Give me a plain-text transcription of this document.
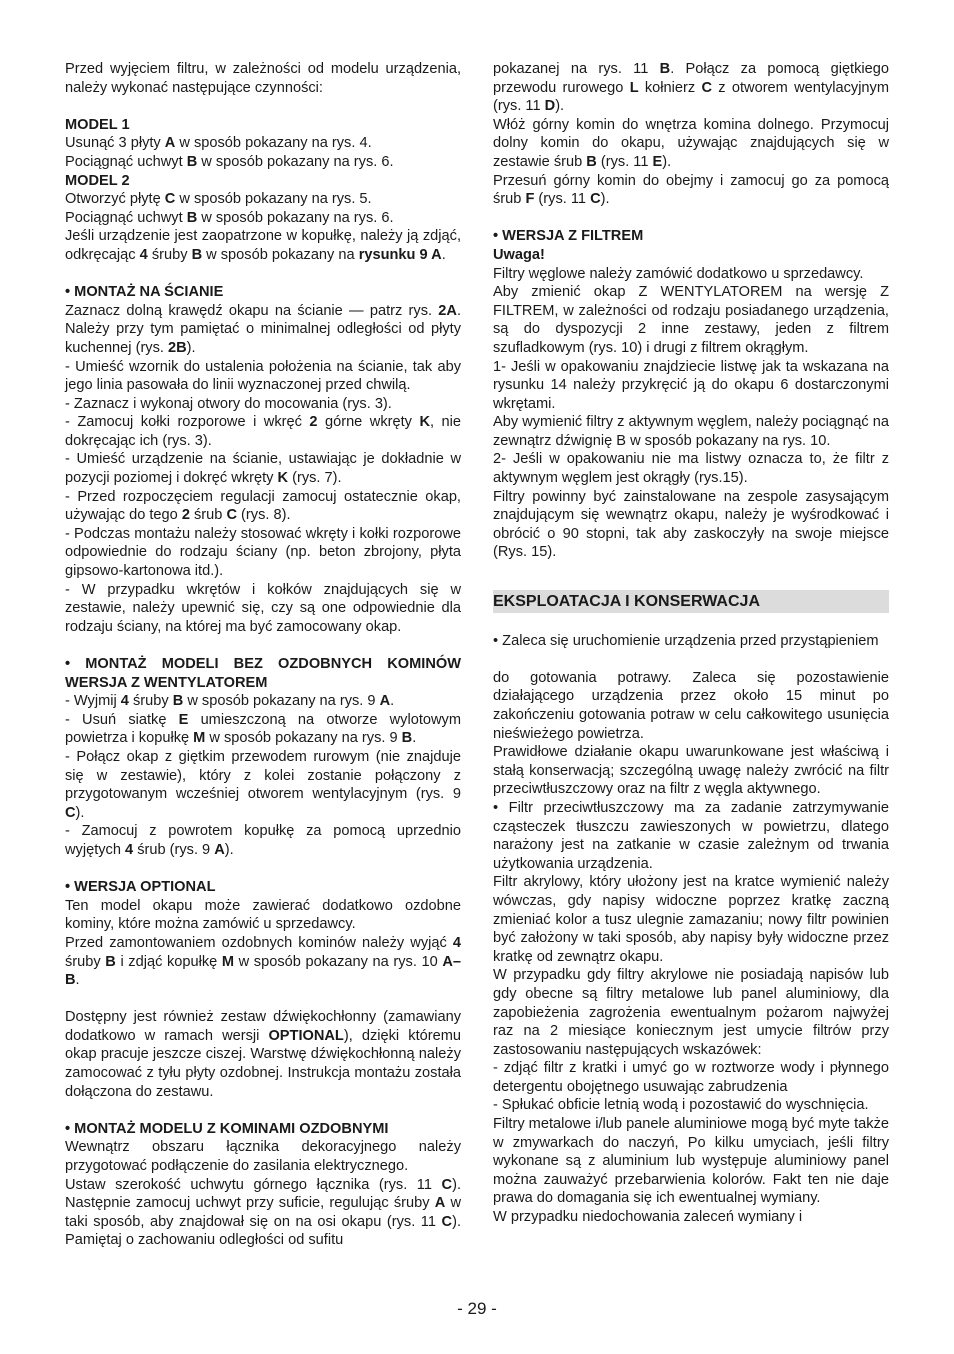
Przed wyjęciem filtru, w zależności od modelu urządzenia, należy wykonać następujące czynności:

MODEL 1

Usunąć 3 płyty A w sposób pokazany na rys. 4.

Pociągnąć uchwyt B w sposób pokazany na rys. 6.

MODEL 2

Otworzyć płytę C w sposób pokazany na rys. 5.

Pociągnąć uchwyt B w sposób pokazany na rys. 6.

Jeśli urządzenie jest zaopatrzone w kopułkę, należy ją zdjąć, odkręcając 4 śruby B w sposób pokazany na rysunku 9 A.

• MONTAŻ NA ŚCIANIE

Zaznacz dolną krawędź okapu na ścianie — patrz rys. 2A. Należy przy tym pamiętać o minimalnej odległości od płyty kuchennej (rys. 2B).

- Umieść wzornik do ustalenia położenia na ścianie, tak aby jego linia pasowała do linii wyznaczonej przed chwilą.

- Zaznacz i wykonaj otwory do mocowania (rys. 3).

- Zamocuj kołki rozporowe i wkręć 2 górne wkręty K, nie dokręcając ich (rys. 3).

- Umieść urządzenie na ścianie, ustawiając je dokładnie w pozycji poziomej i dokręć wkręty K (rys. 7).

- Przed rozpoczęciem regulacji zamocuj ostatecznie okap, używając do tego 2 śrub C (rys. 8).

- Podczas montażu należy stosować wkręty i kołki rozporowe odpowiednie do rodzaju ściany (np. beton zbrojony, płyta gipsowo-kartonowa itd.).

- W przypadku wkrętów i kołków znajdujących się w zestawie, należy upewnić się, czy są one odpowiednie dla rodzaju ściany, na której ma być zamocowany okap.

• MONTAŻ MODELI BEZ OZDOBNYCH KOMINÓW WERSJA Z WENTYLATOREM

- Wyjmij 4 śruby B w sposób pokazany na rys. 9 A.

- Usuń siatkę E umieszczoną na otworze wylotowym powietrza i kopułkę M w sposób pokazany na rys. 9 B.

- Połącz okap z giętkim przewodem rurowym (nie znajduje się w zestawie), który z kolei zostanie połączony z przygotowanym wcześniej otworem wentylacyjnym (rys. 9 C).

- Zamocuj z powrotem kopułkę za pomocą uprzednio wyjętych 4 śrub (rys. 9 A).

• WERSJA OPTIONAL

Ten model okapu może zawierać dodatkowo ozdobne kominy, które można zamówić u sprzedawcy.

Przed zamontowaniem ozdobnych kominów należy wyjąć 4 śruby B i zdjąć kopułkę M w sposób pokazany na rys. 10 A–B.

Dostępny jest również zestaw dźwiękochłonny (zamawiany dodatkowo w ramach wersji OPTIONAL), dzięki któremu okap pracuje jeszcze ciszej. Warstwę dźwiękochłonną należy zamocować z tyłu płyty ozdobnej. Instrukcja montażu została dołączona do zestawu.

• MONTAŻ MODELU Z KOMINAMI OZDOBNYMI

Wewnątrz obszaru łącznika dekoracyjnego należy przygotować podłączenie do zasilania elektrycznego.

Ustaw szerokość uchwytu górnego łącznika (rys. 11 C). Następnie zamocuj uchwyt przy suficie, regulując śruby A w taki sposób, aby znajdował się on na osi okapu (rys. 11 C). Pamiętaj o zachowaniu odległości od sufitu

pokazanej na rys. 11 B. Połącz za pomocą giętkiego przewodu rurowego L kołnierz C z otworem wentylacyjnym (rys. 11 D).

Włóż górny komin do wnętrza komina dolnego. Przymocuj dolny komin do okapu, używając znajdujących się w zestawie śrub B (rys. 11 E).

Przesuń górny komin do obejmy i zamocuj go za pomocą śrub F (rys. 11 C).

• WERSJA Z FILTREM

Uwaga!

Filtry węglowe należy zamówić dodatkowo u sprzedawcy.

Aby zmienić okap Z WENTYLATOREM na wersję Z FILTREM, w zależności od rodzaju posiadanego urządzenia, są do dyspozycji 2 inne zestawy, jeden z filtrem szufladkowym (rys. 10) i drugi z filtrem okrągłym.

1- Jeśli w opakowaniu znajdziecie listwę jak ta wskazana na rysunku 14 należy przykręcić ją do okapu 6 dostarczonymi wkrętami.

Aby wymienić filtry z aktywnym węglem, należy pociągnąć na zewnątrz dźwignię B w sposób pokazany na rys. 10.

2- Jeśli w opakowaniu nie ma listwy oznacza to, że filtr z aktywnym węglem jest okrągły (rys.15).

Filtry powinny być zainstalowane na zespole zasysającym znajdującym się wewnątrz okapu, należy je wyśrodkować i obrócić o 90 stopni, tak aby zaskoczyły na swoje miejsce (Rys. 15).

EKSPLOATACJA I KONSERWACJA

• Zaleca się uruchomienie urządzenia przed przystąpieniem

do gotowania potrawy. Zaleca się pozostawienie działającego urządzenia przez około 15 minut po zakończeniu gotowania potraw w celu całkowitego usunięcia nieświeżego powietrza.

Prawidłowe działanie okapu uwarunkowane jest właściwą i stałą konserwacją; szczególną uwagę należy zwrócić na filtr przeciwtłuszczowy oraz na filtr z węgla aktywnego.

• Filtr przeciwtłuszczowy ma za zadanie zatrzymywanie cząsteczek tłuszczu zawieszonych w powietrzu, dlatego narażony jest na zatkanie w czasie zależnym od trwania użytkowania urządzenia.

Filtr akrylowy, który ułożony jest na kratce wymienić należy wówczas, gdy napisy widoczne poprzez kratkę zaczną zmieniać kolor a tusz ulegnie zamazaniu; nowy filtr powinien być założony w taki sposób, aby napisy były widoczne przez kratkę od zewnątrz okapu.

W przypadku gdy filtry akrylowe nie posiadają napisów lub gdy obecne są filtry metalowe lub panel aluminiowy, dla zapobieżenia zagrożenia ewentualnym pożarom najwyżej raz na 2 miesiące koniecznym jest umycie filtrów przy zastosowaniu następujących wskazówek:

- zdjąć filtr z kratki i umyć go w roztworze wody i płynnego detergentu obojętnego usuwając zabrudzenia

- Spłukać obficie letnią wodą i pozostawić do wyschnięcia.

Filtry metalowe i/lub panele aluminiowe mogą być myte także w zmywarkach do naczyń, Po kilku umyciach, jeśli filtry wykonane są z aluminium lub występuje aluminiowy panel można zauważyć przebarwienia kolorów. Fakt ten nie daje prawa do domagania się ich ewentualnej wymiany.

W przypadku niedochowania zaleceń wymiany i

- 29 -
